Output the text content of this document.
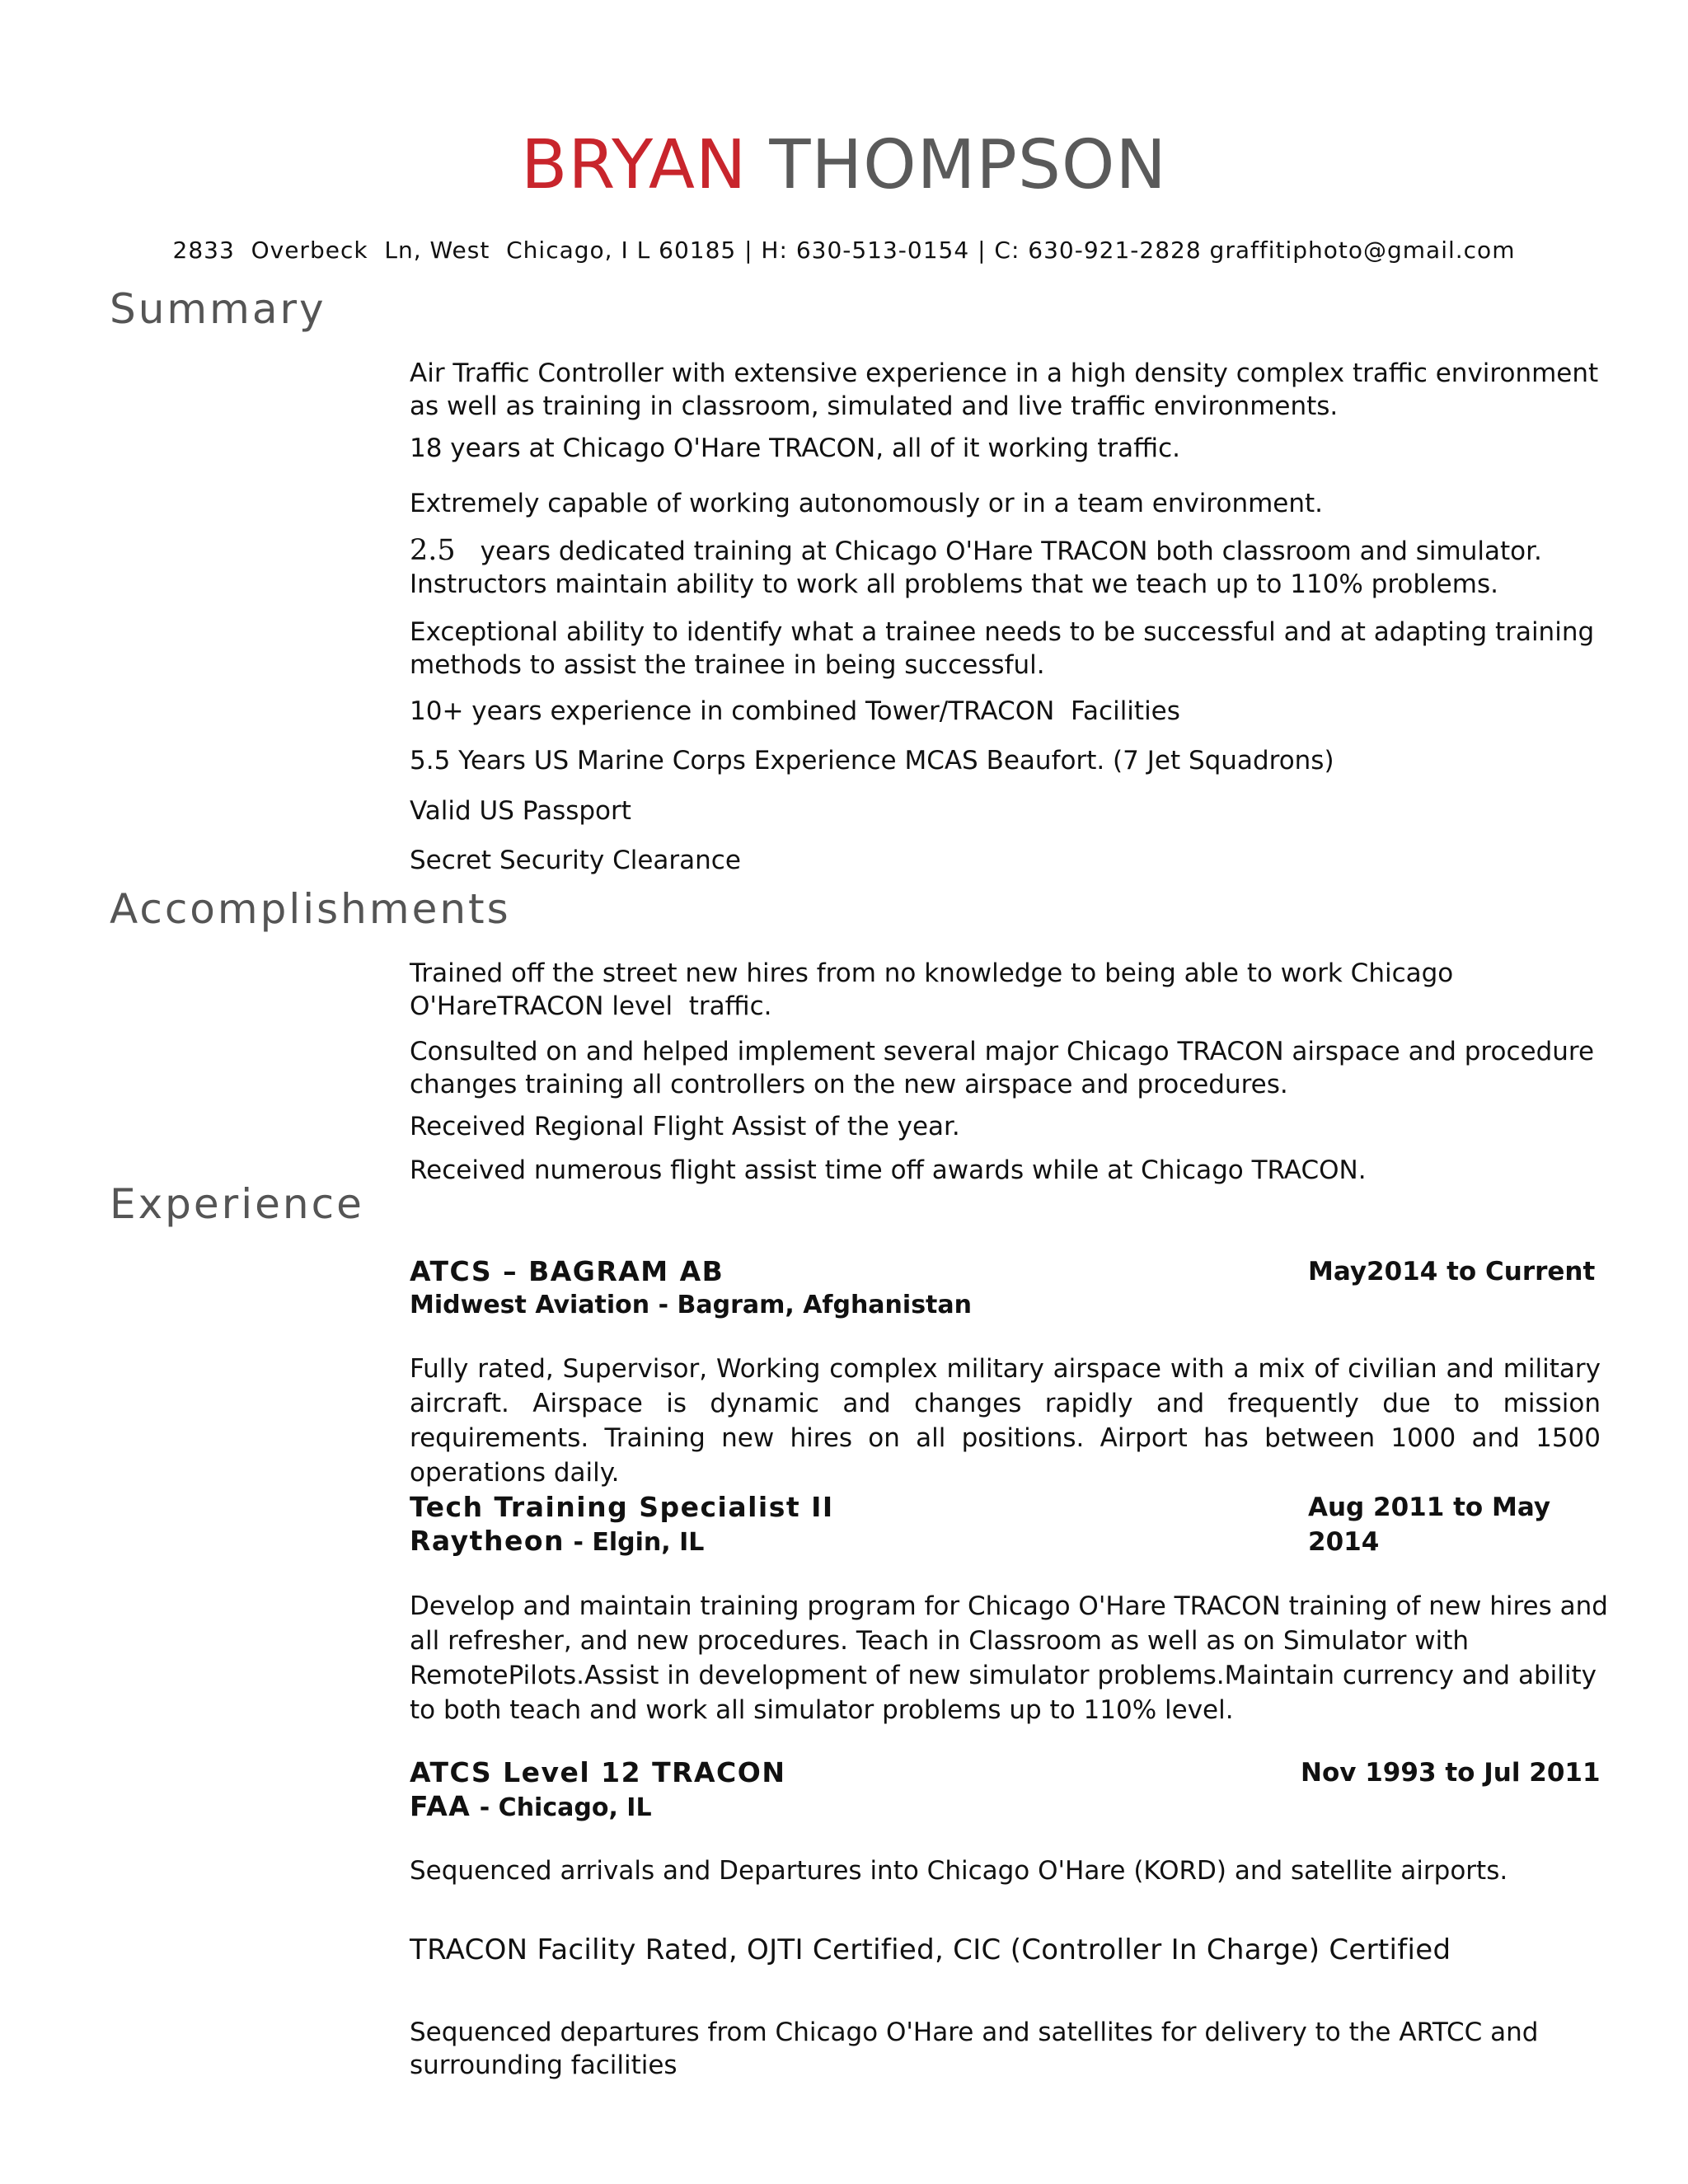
BRYAN THOMPSON
2833  Overbeck  Ln, West  Chicago, I L 60185 | H: 630-513-0154 | C: 630-921-2828 graffitiphoto@gmail.com
Summary

Air Traffic Controller with extensive experience in a high density complex traffic environment as well as training in classroom, simulated and live traffic environments.

18 years at Chicago O'Hare TRACON, all of it working traffic.

Extremely capable of working autonomously or in a team environment.

2.5 years dedicated training at Chicago O'Hare TRACON both classroom and simulator. Instructors maintain ability to work all problems that we teach up to 110% problems.

Exceptional ability to identify what a trainee needs to be successful and at adapting training methods to assist the trainee in being successful.

10+ years experience in combined Tower/TRACON  Facilities

5.5 Years US Marine Corps Experience MCAS Beaufort. (7 Jet Squadrons)

Valid US Passport

Secret Security Clearance

Accomplishments

Trained off the street new hires from no knowledge to being able to work Chicago O'HareTRACON level  traffic.

Consulted on and helped implement several major Chicago TRACON airspace and procedure changes training all controllers on the new airspace and procedures.

Received Regional Flight Assist of the year.

Received numerous flight assist time off awards while at Chicago TRACON.

Experience
ATCS – BAGRAM AB	May2014 to Current
Midwest Aviation - Bagram, Afghanistan

Fully rated, Supervisor, Working complex military airspace with a mix of civilian and military aircraft. Airspace is dynamic and changes rapidly and frequently due to mission requirements. Training new hires on all positions. Airport has between 1000 and 1500 operations daily.

Tech Training Specialist II	Aug 2011 to May 2014
Raytheon - Elgin, IL

Develop and maintain training program for Chicago O'Hare TRACON training of new hires and all refresher, and new procedures. Teach in Classroom as well as on Simulator with RemotePilots.Assist in development of new simulator problems.Maintain currency and ability to both teach and work all simulator problems up to 110% level.

ATCS Level 12 TRACON	Nov 1993 to Jul 2011
FAA - Chicago, IL

Sequenced arrivals and Departures into Chicago O'Hare (KORD) and satellite airports.

TRACON Facility Rated, OJTI Certified, CIC (Controller In Charge) Certified

Sequenced departures from Chicago O'Hare and satellites for delivery to the ARTCC and surrounding facilities
